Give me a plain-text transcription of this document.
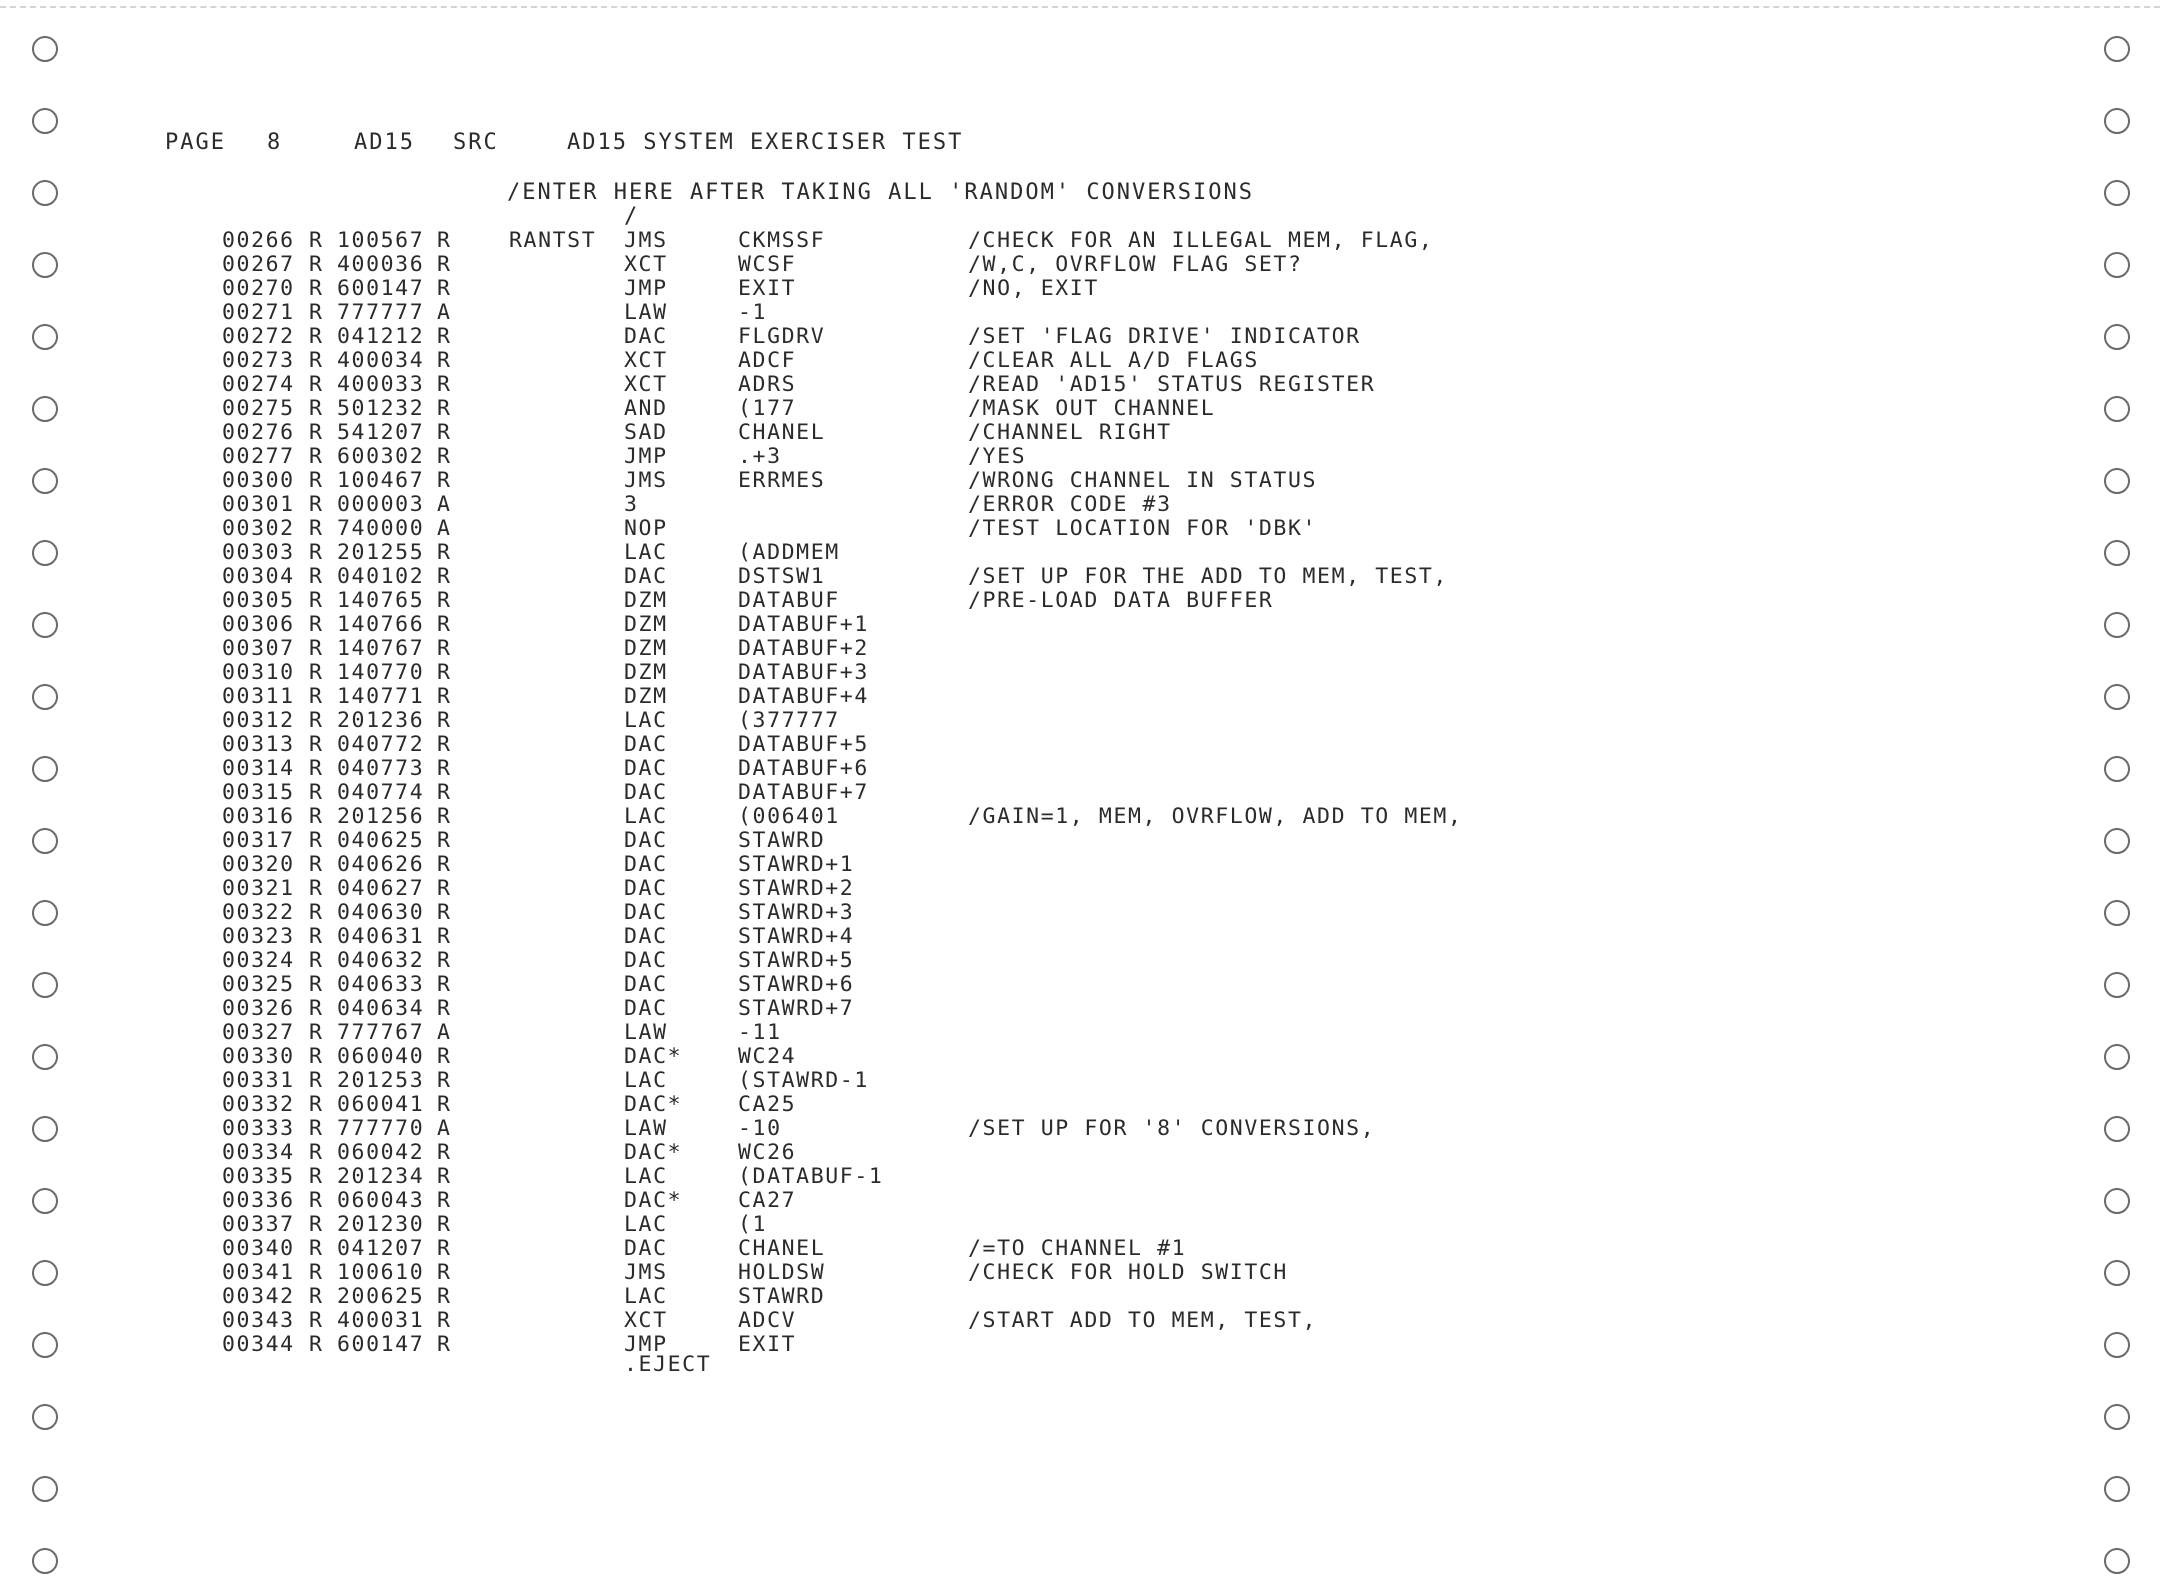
PAGE

8

	AD15

SRC

	AD15 SYSTEM EXERCISER TEST

/ENTER HERE AFTER TAKING ALL 'RANDOM' CONVERSIONS
/
00266 R 100567 R	RANTST JMS	CKMSSF	/CHECK FOR AN ILLEGAL MEM, FLAG,
00267 R 400036 R	XCT	WCSF	/W,C, OVRFLOW FLAG SET?
00270 R 600147 R	JMP	EXIT	/NO, EXIT
00271 R 777777 A	LAW	-1
00272 R 041212 R	DAC	FLGDRV	/SET 'FLAG DRIVE' INDICATOR
00273 R 400034 R	XCT	ADCF	/CLEAR ALL A/D FLAGS
00274 R 400033 R	XCT	ADRS	/READ 'AD15' STATUS REGISTER
00275 R 501232 R	AND	(177	/MASK OUT CHANNEL
00276 R 541207 R	SAD	CHANEL	/CHANNEL RIGHT
00277 R 600302 R	JMP	.+3	/YES
00300 R 100467 R	JMS	ERRMES	/WRONG CHANNEL IN STATUS
00301 R 000003 A	3	/ERROR CODE #3
00302 R 740000 A	NOP	/TEST LOCATION FOR 'DBK'
00303 R 201255 R	LAC	(ADDMEM
00304 R 040102 R	DAC	DSTSW1	/SET UP FOR THE ADD TO MEM, TEST,
00305 R 140765 R	DZM	DATABUF	/PRE-LOAD DATA BUFFER
00306 R 140766 R	DZM	DATABUF+1
00307 R 140767 R	DZM	DATABUF+2
00310 R 140770 R	DZM	DATABUF+3
00311 R 140771 R	DZM	DATABUF+4
00312 R 201236 R	LAC	(377777
00313 R 040772 R	DAC	DATABUF+5
00314 R 040773 R	DAC	DATABUF+6
00315 R 040774 R	DAC	DATABUF+7
00316 R 201256 R	LAC	(006401	/GAIN=1, MEM, OVRFLOW, ADD TO MEM,
00317 R 040625 R	DAC	STAWRD
00320 R 040626 R	DAC	STAWRD+1
00321 R 040627 R	DAC	STAWRD+2
00322 R 040630 R	DAC	STAWRD+3
00323 R 040631 R	DAC	STAWRD+4
00324 R 040632 R	DAC	STAWRD+5
00325 R 040633 R	DAC	STAWRD+6
00326 R 040634 R	DAC	STAWRD+7
00327 R 777767 A	LAW	-11
00330 R 060040 R	DAC*	WC24
00331 R 201253 R	LAC	(STAWRD-1
00332 R 060041 R	DAC*	CA25
00333 R 777770 A	LAW	-10	/SET UP FOR '8' CONVERSIONS,
00334 R 060042 R	DAC*	WC26
00335 R 201234 R	LAC	(DATABUF-1
00336 R 060043 R	DAC*	CA27
00337 R 201230 R	LAC	(1
00340 R 041207 R	DAC	CHANEL	/=TO CHANNEL #1
00341 R 100610 R	JMS	HOLDSW	/CHECK FOR HOLD SWITCH
00342 R 200625 R	LAC	STAWRD
00343 R 400031 R	XCT	ADCV	/START ADD TO MEM, TEST,
00344 R 600147 R	JMP	EXIT
.EJECT
